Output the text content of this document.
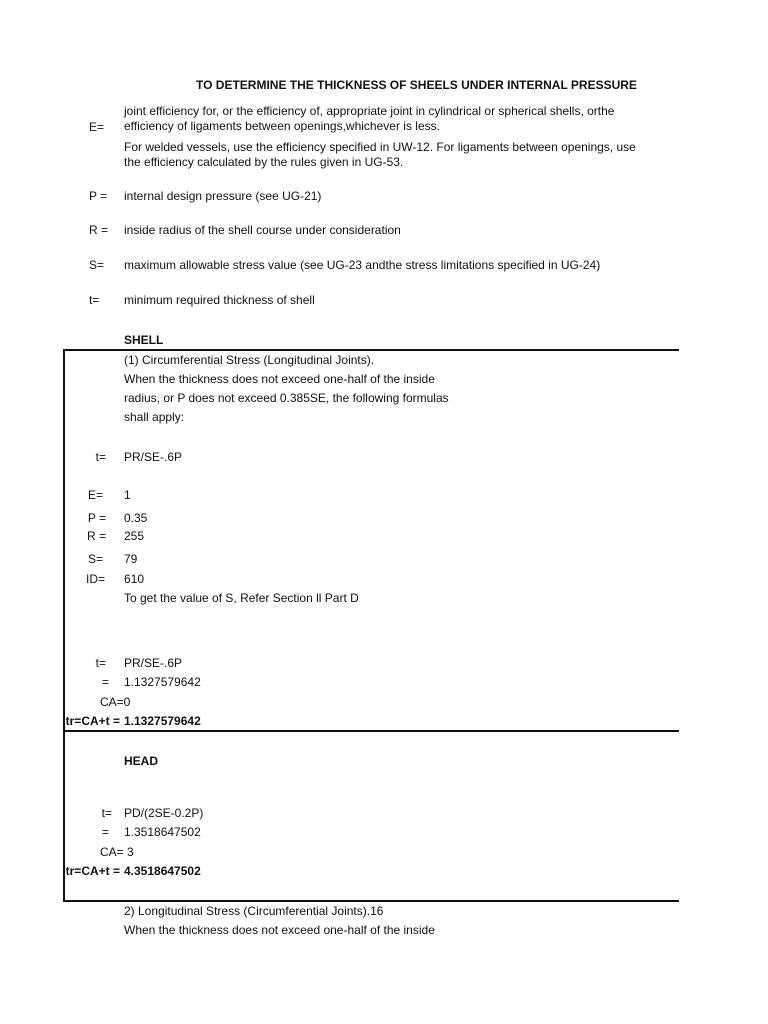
TO DETERMINE THE THICKNESS OF SHEELS UNDER INTERNAL PRESSURE
E=
joint efficiency for, or the efficiency of, appropriate joint in cylindrical or spherical shells, orthe
efficiency of ligaments between openings,whichever is less.
For welded vessels, use the efficiency specified in UW-12. For ligaments between openings, use
the efficiency calculated by the rules given in UG-53.
P = internal design pressure (see UG-21)
R = inside radius of the shell course under consideration
S= maximum allowable stress value (see UG-23 andthe stress limitations specified in UG-24)
t= minimum required thickness of shell
SHELL
(1) Circumferential Stress (Longitudinal Joints).
When the thickness does not exceed one-half of the inside
radius, or P does not exceed 0.385SE, the following formulas
shall apply:
t= PR/SE-.6P
E= 1
P = 0.35
R = 255
S= 79
ID= 610
To get the value of S, Refer Section ll Part D
t= PR/SE-.6P
= 1.1327579642
CA=0
tr=CA+t = 1.1327579642
HEAD
t= PD/(2SE-0.2P)
= 1.3518647502
CA= 3
tr=CA+t = 4.3518647502
2) Longitudinal Stress (Circumferential Joints).16
When the thickness does not exceed one-half of the inside
